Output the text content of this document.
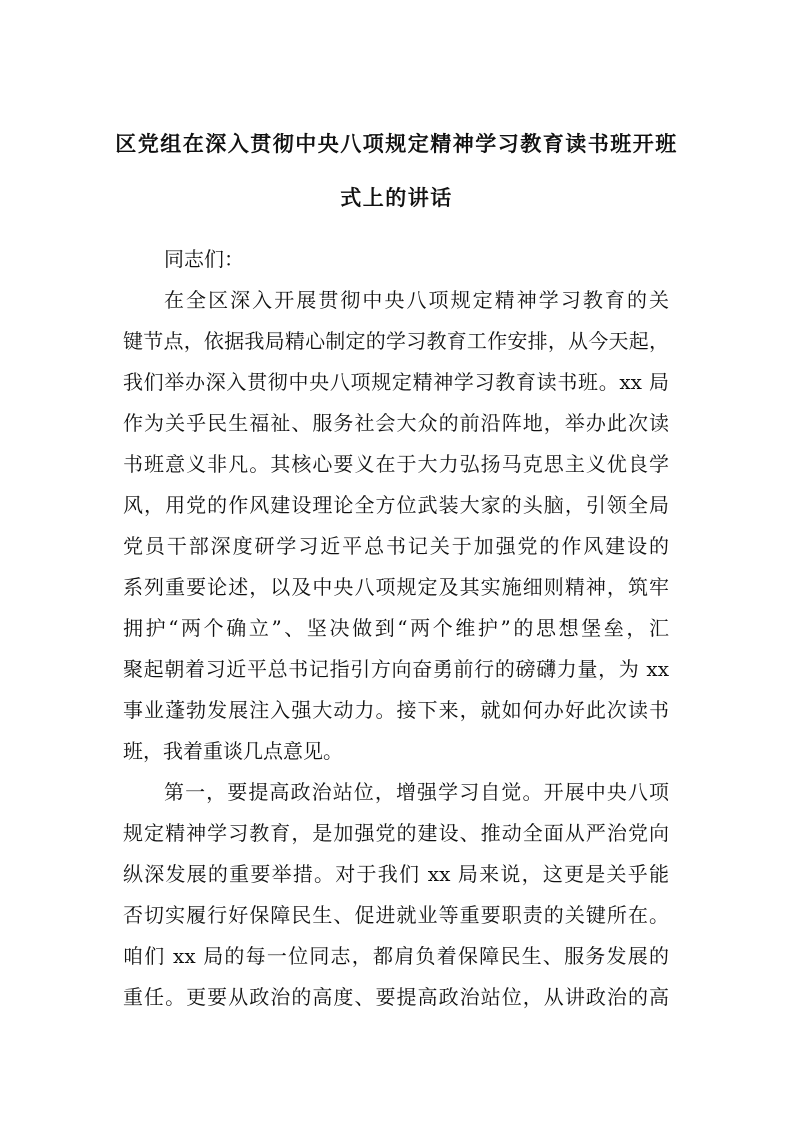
区党组在深入贯彻中央八项规定精神学习教育读书班开班
式上的讲话
同志们：
在全区深入开展贯彻中央八项规定精神学习教育的关
键节点，依据我局精心制定的学习教育工作安排，从今天起，
我们举办深入贯彻中央八项规定精神学习教育读书班。xx 局
作为关乎民生福祉、服务社会大众的前沿阵地，举办此次读
书班意义非凡。其核心要义在于大力弘扬马克思主义优良学
风，用党的作风建设理论全方位武装大家的头脑，引领全局
党员干部深度研学习近平总书记关于加强党的作风建设的
系列重要论述，以及中央八项规定及其实施细则精神，筑牢
拥护“两个确立”、坚决做到“两个维护”的思想堡垒，汇
聚起朝着习近平总书记指引方向奋勇前行的磅礴力量，为 xx
事业蓬勃发展注入强大动力。接下来，就如何办好此次读书
班，我着重谈几点意见。
第一，要提高政治站位，增强学习自觉。开展中央八项
规定精神学习教育，是加强党的建设、推动全面从严治党向
纵深发展的重要举措。对于我们 xx 局来说，这更是关乎能
否切实履行好保障民生、促进就业等重要职责的关键所在。
咱们 xx 局的每一位同志，都肩负着保障民生、服务发展的
重任。更要从政治的高度、要提高政治站位，从讲政治的高
